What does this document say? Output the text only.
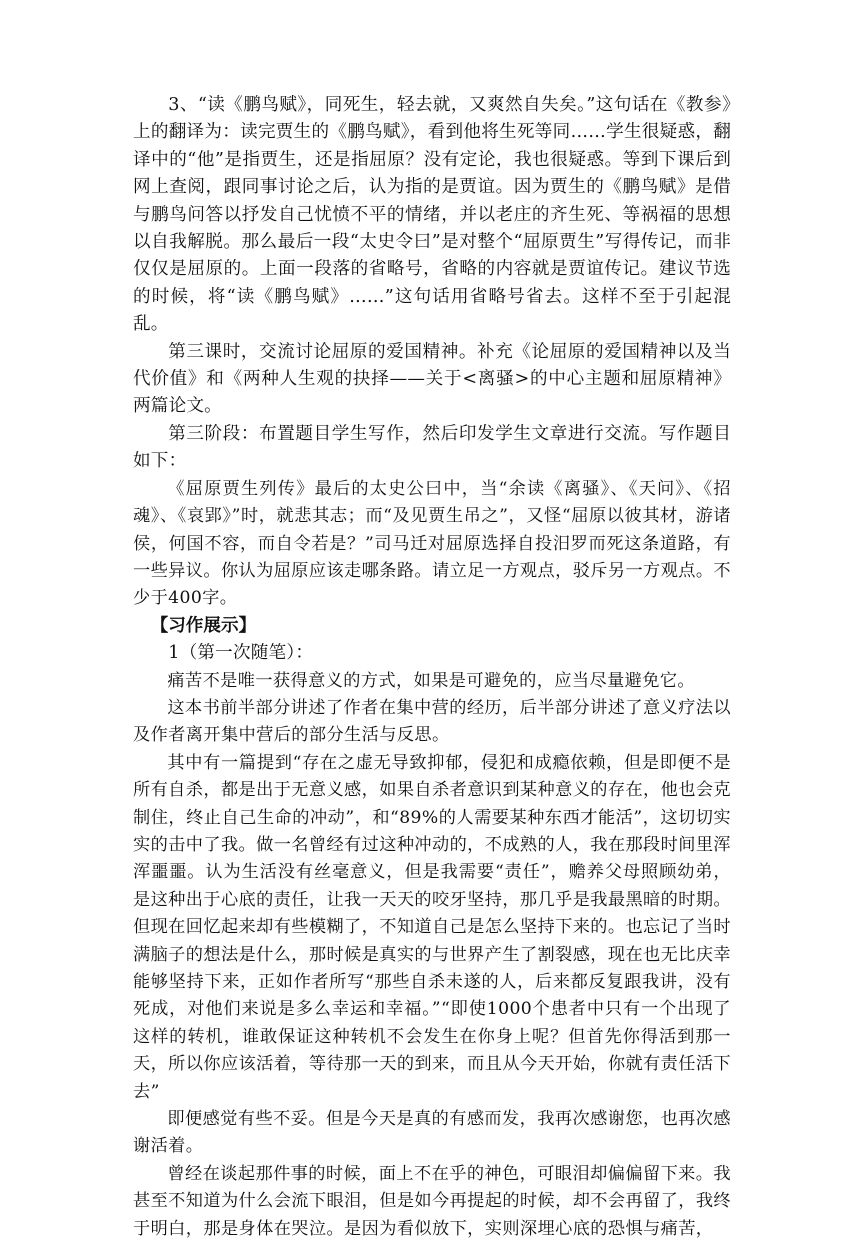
3、“读《鹏鸟赋》，同死生，轻去就，又爽然自失矣。”这句话在《教参》上的翻译为：读完贾生的《鹏鸟赋》，看到他将生死等同……学生很疑惑，翻译中的“他”是指贾生，还是指屈原？没有定论，我也很疑惑。等到下课后到网上查阅，跟同事讨论之后，认为指的是贾谊。因为贾生的《鹏鸟赋》是借与鹏鸟问答以抒发自己忧愤不平的情绪，并以老庄的齐生死、等祸福的思想以自我解脱。那么最后一段“太史令曰”是对整个“屈原贾生”写得传记，而非仅仅是屈原的。上面一段落的省略号，省略的内容就是贾谊传记。建议节选的时候，将“读《鹏鸟赋》……”这句话用省略号省去。这样不至于引起混乱。

第三课时，交流讨论屈原的爱国精神。补充《论屈原的爱国精神以及当代价值》和《两种人生观的抉择——关于<离骚>的中心主题和屈原精神》两篇论文。

第三阶段：布置题目学生写作，然后印发学生文章进行交流。写作题目如下：

《屈原贾生列传》最后的太史公曰中，当“余读《离骚》、《天问》、《招魂》、《哀郢》”时，就悲其志；而“及见贾生吊之”，又怪“屈原以彼其材，游诸侯，何国不容，而自令若是？”司马迁对屈原选择自投汨罗而死这条道路，有一些异议。你认为屈原应该走哪条路。请立足一方观点，驳斥另一方观点。不少于400字。

【习作展示】

1（第一次随笔）：

痛苦不是唯一获得意义的方式，如果是可避免的，应当尽量避免它。

这本书前半部分讲述了作者在集中营的经历，后半部分讲述了意义疗法以及作者离开集中营后的部分生活与反思。

其中有一篇提到“存在之虚无导致抑郁，侵犯和成瘾依赖，但是即便不是所有自杀，都是出于无意义感，如果自杀者意识到某种意义的存在，他也会克制住，终止自己生命的冲动”，和“89%的人需要某种东西才能活”，这切切实实的击中了我。做一名曾经有过这种冲动的，不成熟的人，我在那段时间里浑浑噩噩。认为生活没有丝毫意义，但是我需要“责任”，赡养父母照顾幼弟，是这种出于心底的责任，让我一天天的咬牙坚持，那几乎是我最黑暗的时期。但现在回忆起来却有些模糊了，不知道自己是怎么坚持下来的。也忘记了当时满脑子的想法是什么，那时候是真实的与世界产生了割裂感，现在也无比庆幸能够坚持下来，正如作者所写“那些自杀未遂的人，后来都反复跟我讲，没有死成，对他们来说是多么幸运和幸福。”“即使1000个患者中只有一个出现了这样的转机，谁敢保证这种转机不会发生在你身上呢？但首先你得活到那一天，所以你应该活着，等待那一天的到来，而且从今天开始，你就有责任活下去”

即便感觉有些不妥。但是今天是真的有感而发，我再次感谢您，也再次感谢活着。

曾经在谈起那件事的时候，面上不在乎的神色，可眼泪却偏偏留下来。我甚至不知道为什么会流下眼泪，但是如今再提起的时候，却不会再留了，我终于明白，那是身体在哭泣。是因为看似放下，实则深埋心底的恐惧与痛苦，
